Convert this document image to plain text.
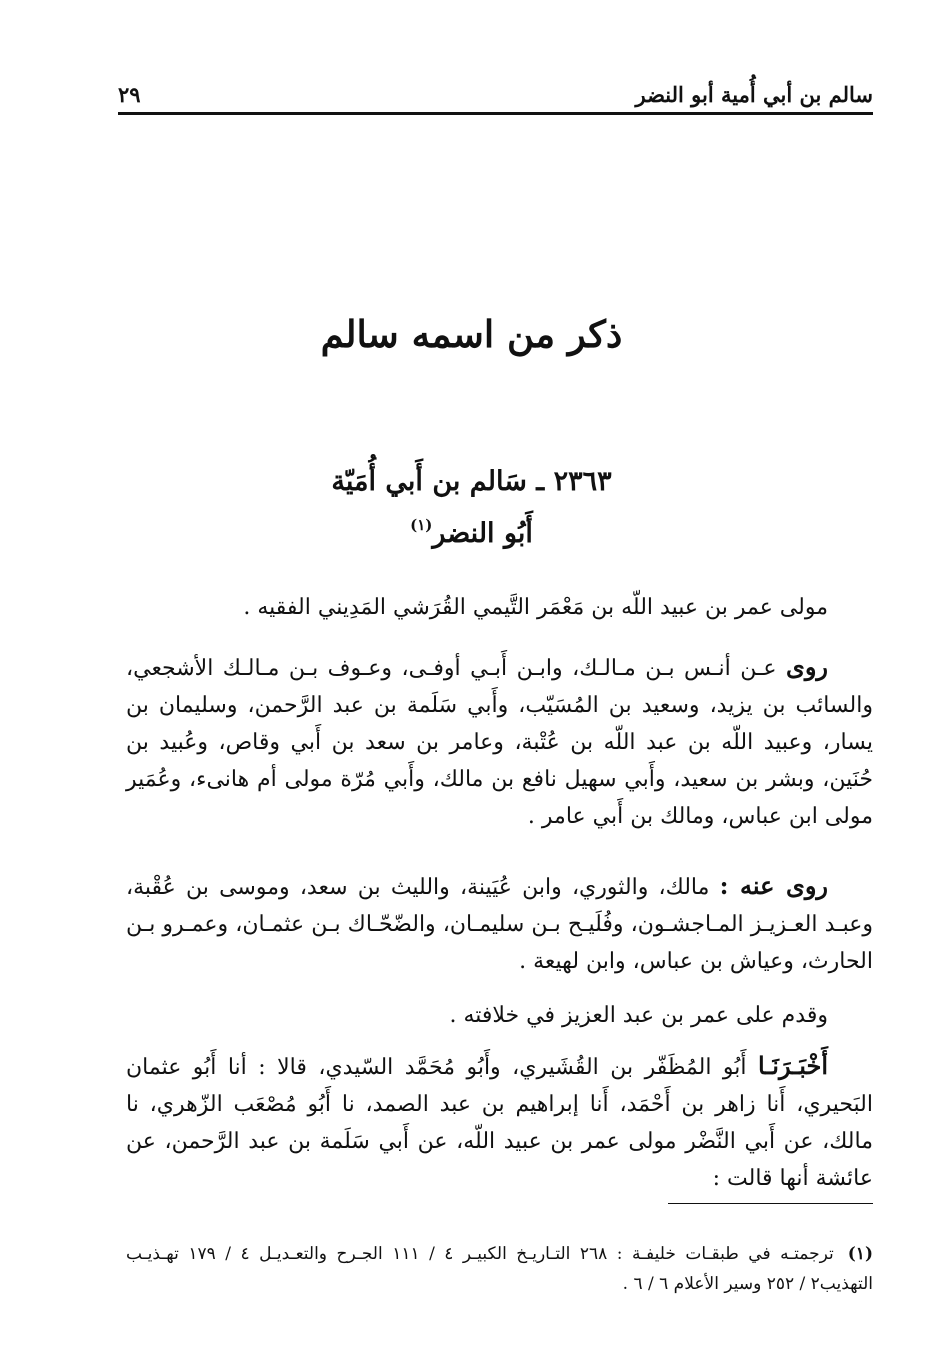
سالم بن أبي أُمية أبو النضر
٢٩
ذكر من اسمه سالم
٢٣٦٣ ـ سَالم بن أَبي أُمَيّة
أَبُو النضر$^{(١)}$

مولى عمر بن عبيد اللّه بن مَعْمَر التَّيمي القُرَشي المَدِيني الفقيه .

روى عـن أنـس بـن مـالـك، وابـن أَبـي أوفـى، وعـوف بـن مـالـك الأشجعي، والسائب بن يزيد، وسعيد بن المُسَيّب، وأَبي سَلَمة بن عبد الرَّحمن، وسليمان بن يسار، وعبيد اللّه بن عبد اللّه بن عُتْبة، وعامر بن سعد بن أَبي وقاص، وعُبيد بن حُنَين، وبشر بن سعيد، وأَبي سهيل نافع بن مالك، وأَبي مُرّة مولى أم هانىء، وعُمَير مولى ابن عباس، ومالك بن أَبي عامر .

روى عنه : مالك، والثوري، وابن عُيَينة، والليث بن سعد، وموسى بن عُقْبة، وعبـد العـزيـز المـاجشـون، وفُلَيـح بـن سليمـان، والضّحّـاك بـن عثمـان، وعمـرو بـن الحارث، وعياش بن عباس، وابن لهيعة .

وقدم على عمر بن عبد العزيز في خلافته .

أَخْبَـرَنَـا أَبُو المُظَفّر بن القُشَيري، وأَبُو مُحَمَّد السّيدي، قالا : أنا أَبُو عثمان البَحيري، أَنا زاهر بن أَحْمَد، أَنا إبراهيم بن عبد الصمد، نا أَبُو مُصْعَب الزّهري، نا مالك، عن أَبي النَّضْر مولى عمر بن عبيد اللّه، عن أَبي سَلَمة بن عبد الرَّحمن، عن عائشة أنها قالت :

(١)ترجمتـه في طبقـات خليفـة : ٢٦٨ التـاريـخ الكبيـر ٤ / ١١١ الجـرح والتعـديـل ٤ / ١٧٩ تهـذيـب التهذيب٢ / ٢٥٢ وسير الأعلام ٦ / ٦ .
